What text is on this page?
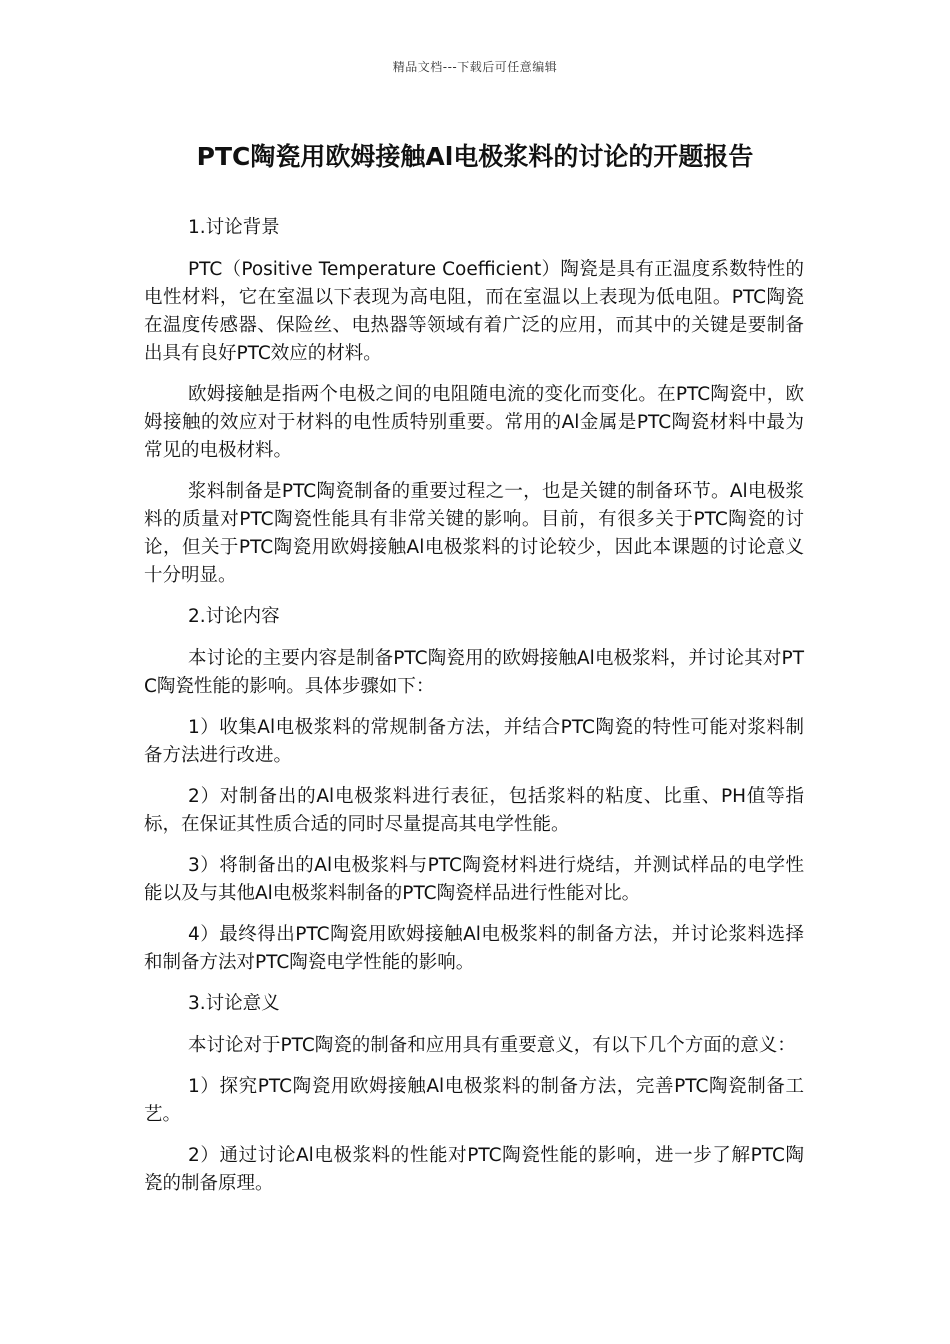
精品文档---下载后可任意编辑
PTC陶瓷用欧姆接触Al电极浆料的讨论的开题报告
1.讨论背景

PTC（Positive Temperature Coefficient）陶瓷是具有正温度系数特性的电性材料，它在室温以下表现为高电阻，而在室温以上表现为低电阻。PTC陶瓷在温度传感器、保险丝、电热器等领域有着广泛的应用，而其中的关键是要制备出具有良好PTC效应的材料。

欧姆接触是指两个电极之间的电阻随电流的变化而变化。在PTC陶瓷中，欧姆接触的效应对于材料的电性质特别重要。常用的Al金属是PTC陶瓷材料中最为常见的电极材料。

浆料制备是PTC陶瓷制备的重要过程之一，也是关键的制备环节。Al电极浆料的质量对PTC陶瓷性能具有非常关键的影响。目前，有很多关于PTC陶瓷的讨论，但关于PTC陶瓷用欧姆接触Al电极浆料的讨论较少，因此本课题的讨论意义十分明显。

2.讨论内容

本讨论的主要内容是制备PTC陶瓷用的欧姆接触Al电极浆料，并讨论其对PTC陶瓷性能的影响。具体步骤如下：

1）收集Al电极浆料的常规制备方法，并结合PTC陶瓷的特性可能对浆料制备方法进行改进。

2）对制备出的Al电极浆料进行表征，包括浆料的粘度、比重、PH值等指标，在保证其性质合适的同时尽量提高其电学性能。

3）将制备出的Al电极浆料与PTC陶瓷材料进行烧结，并测试样品的电学性能以及与其他Al电极浆料制备的PTC陶瓷样品进行性能对比。

4）最终得出PTC陶瓷用欧姆接触Al电极浆料的制备方法，并讨论浆料选择和制备方法对PTC陶瓷电学性能的影响。

3.讨论意义

本讨论对于PTC陶瓷的制备和应用具有重要意义，有以下几个方面的意义：

1）探究PTC陶瓷用欧姆接触Al电极浆料的制备方法，完善PTC陶瓷制备工艺。

2）通过讨论Al电极浆料的性能对PTC陶瓷性能的影响，进一步了解PTC陶瓷的制备原理。
